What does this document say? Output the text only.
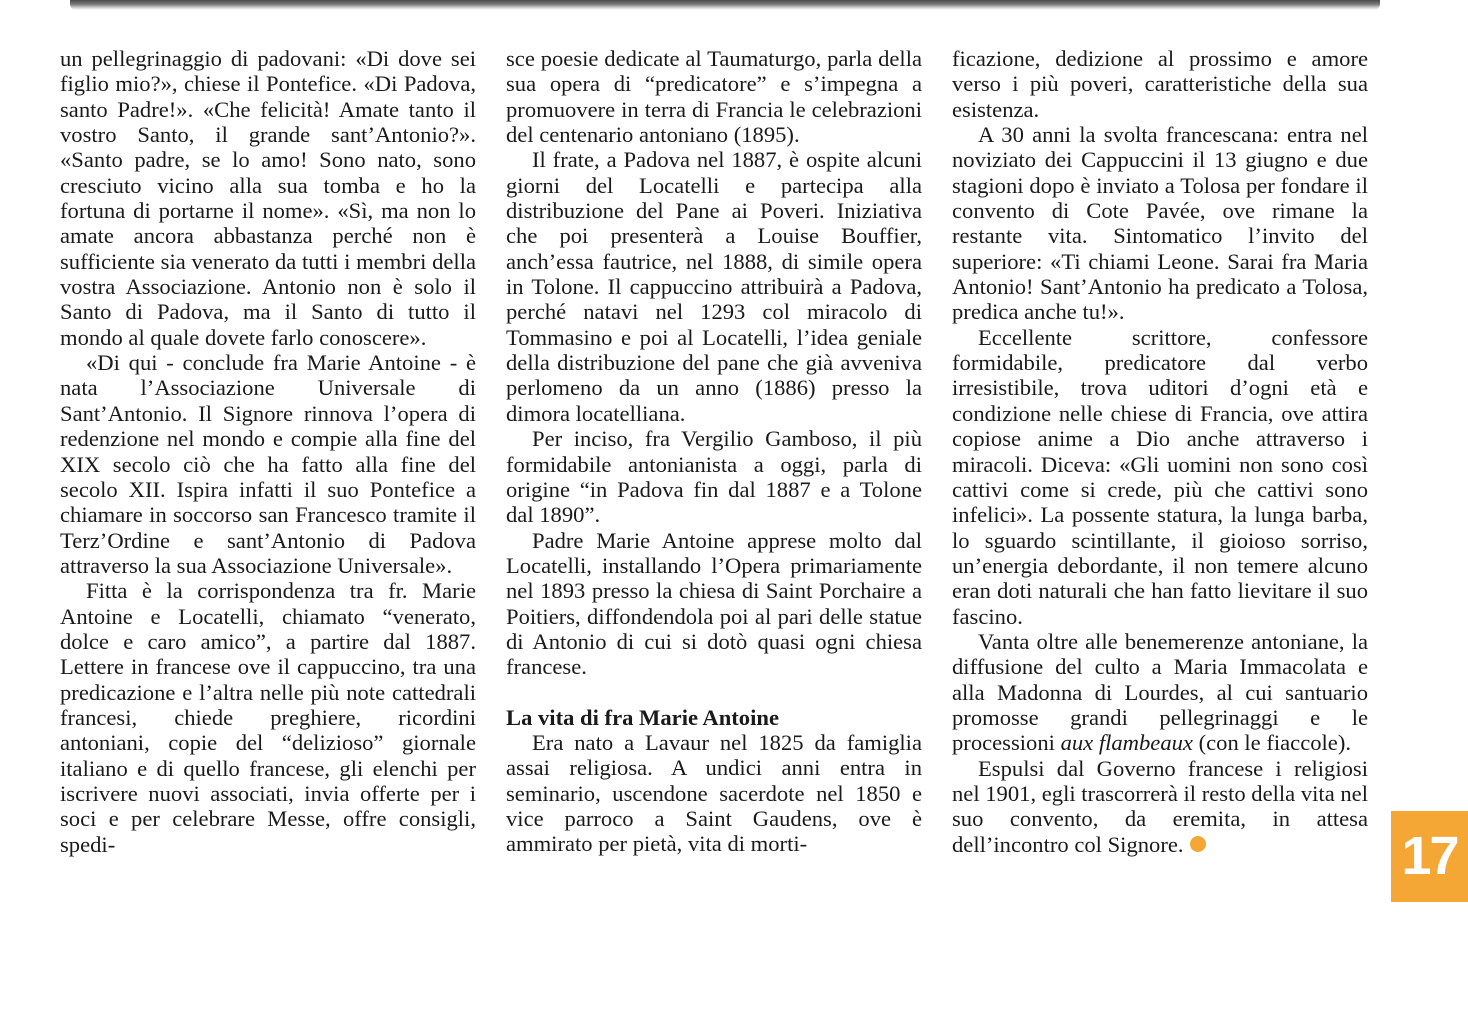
un pellegrinaggio di padovani: «Di dove sei figlio mio?», chiese il Pontefice. «Di Padova, santo Padre!». «Che felicità! Amate tanto il vostro Santo, il grande sant’Antonio?». «Santo padre, se lo amo! Sono nato, sono cresciuto vicino alla sua tomba e ho la fortuna di portarne il nome». «Sì, ma non lo amate ancora abbastanza perché non è sufficiente sia venerato da tutti i membri della vostra Associazione. Antonio non è solo il Santo di Padova, ma il Santo di tutto il mondo al quale dovete farlo conoscere».

«Di qui - conclude fra Marie Antoine - è nata l’Associazione Universale di Sant’Antonio. Il Signore rinnova l’opera di redenzione nel mondo e compie alla fine del XIX secolo ciò che ha fatto alla fine del secolo XII. Ispira infatti il suo Pontefice a chiamare in soccorso san Francesco tramite il Terz’Ordine e sant’Antonio di Padova attraverso la sua Associazione Universale».

Fitta è la corrispondenza tra fr. Marie Antoine e Locatelli, chiamato “venerato, dolce e caro amico”, a partire dal 1887. Lettere in francese ove il cappuccino, tra una predicazione e l’altra nelle più note cattedrali francesi, chiede preghiere, ricordini antoniani, copie del “delizioso” giornale italiano e di quello francese, gli elenchi per iscrivere nuovi associati, invia offerte per i soci e per celebrare Messe, offre consigli, spedi-

sce poesie dedicate al Taumaturgo, parla della sua opera di “predicatore” e s’impegna a promuovere in terra di Francia le celebrazioni del centenario antoniano (1895).

Il frate, a Padova nel 1887, è ospite alcuni giorni del Locatelli e partecipa alla distribuzione del Pane ai Poveri. Iniziativa che poi presenterà a Louise Bouffier, anch’essa fautrice, nel 1888, di simile opera in Tolone. Il cappuccino attribuirà a Padova, perché natavi nel 1293 col miracolo di Tommasino e poi al Locatelli, l’idea geniale della distribuzione del pane che già avveniva perlomeno da un anno (1886) presso la dimora locatelliana.

Per inciso, fra Vergilio Gamboso, il più formidabile antonianista a oggi, parla di origine “in Padova fin dal 1887 e a Tolone dal 1890”.

Padre Marie Antoine apprese molto dal Locatelli, installando l’Opera primariamente nel 1893 presso la chiesa di Saint Porchaire a Poitiers, diffondendola poi al pari delle statue di Antonio di cui si dotò quasi ogni chiesa francese.

La vita di fra Marie Antoine

Era nato a Lavaur nel 1825 da famiglia assai religiosa. A undici anni entra in seminario, uscendone sacerdote nel 1850 e vice parroco a Saint Gaudens, ove è ammirato per pietà, vita di morti-

ficazione, dedizione al prossimo e amore verso i più poveri, caratteristiche della sua esistenza.

A 30 anni la svolta francescana: entra nel noviziato dei Cappuccini il 13 giugno e due stagioni dopo è inviato a Tolosa per fondare il convento di Cote Pavée, ove rimane la restante vita. Sintomatico l’invito del superiore: «Ti chiami Leone. Sarai fra Maria Antonio! Sant’Antonio ha predicato a Tolosa, predica anche tu!».

Eccellente scrittore, confessore formidabile, predicatore dal verbo irresistibile, trova uditori d’ogni età e condizione nelle chiese di Francia, ove attira copiose anime a Dio anche attraverso i miracoli. Diceva: «Gli uomini non sono così cattivi come si crede, più che cattivi sono infelici». La possente statura, la lunga barba, lo sguardo scintillante, il gioioso sorriso, un’energia debordante, il non temere alcuno eran doti naturali che han fatto lievitare il suo fascino.

Vanta oltre alle benemerenze antoniane, la diffusione del culto a Maria Immacolata e alla Madonna di Lourdes, al cui santuario promosse grandi pellegrinaggi e le processioni aux flambeaux (con le fiaccole).

Espulsi dal Governo francese i religiosi nel 1901, egli trascorrerà il resto della vita nel suo convento, da eremita, in attesa dell’incontro col Signore.	17
